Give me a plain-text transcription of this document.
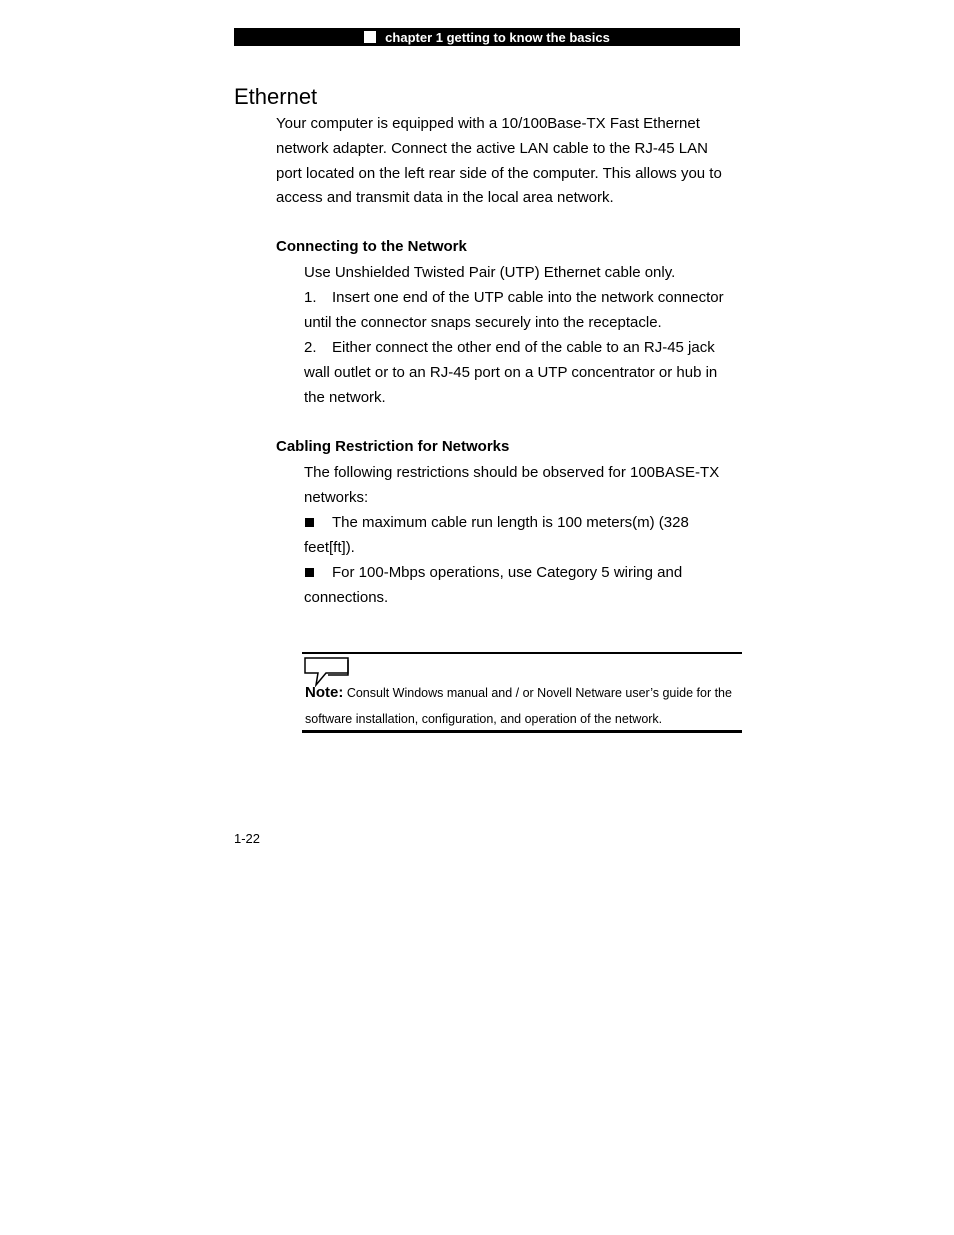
chapter 1 getting to know the basics
Ethernet
Your computer is equipped with a 10/100Base-TX Fast Ethernet
network adapter. Connect the active LAN cable to the RJ-45 LAN
port located on the left rear side of the computer. This allows you to
access and transmit data in the local area network.
Connecting to the Network
Use Unshielded Twisted Pair (UTP) Ethernet cable only.
1. Insert one end of the UTP cable into the network connector
until the connector snaps securely into the receptacle.
2. Either connect the other end of the cable to an RJ-45 jack
wall outlet or to an RJ-45 port on a UTP concentrator or hub in
the network.
Cabling Restriction for Networks
The following restrictions should be observed for 100BASE-TX
networks:
The maximum cable run length is 100 meters(m) (328
feet[ft]).
For 100-Mbps operations, use Category 5 wiring and
connections.
Note: Consult Windows manual and / or Novell Netware user’s guide for the
software installation, configuration, and operation of the network.
1-22
